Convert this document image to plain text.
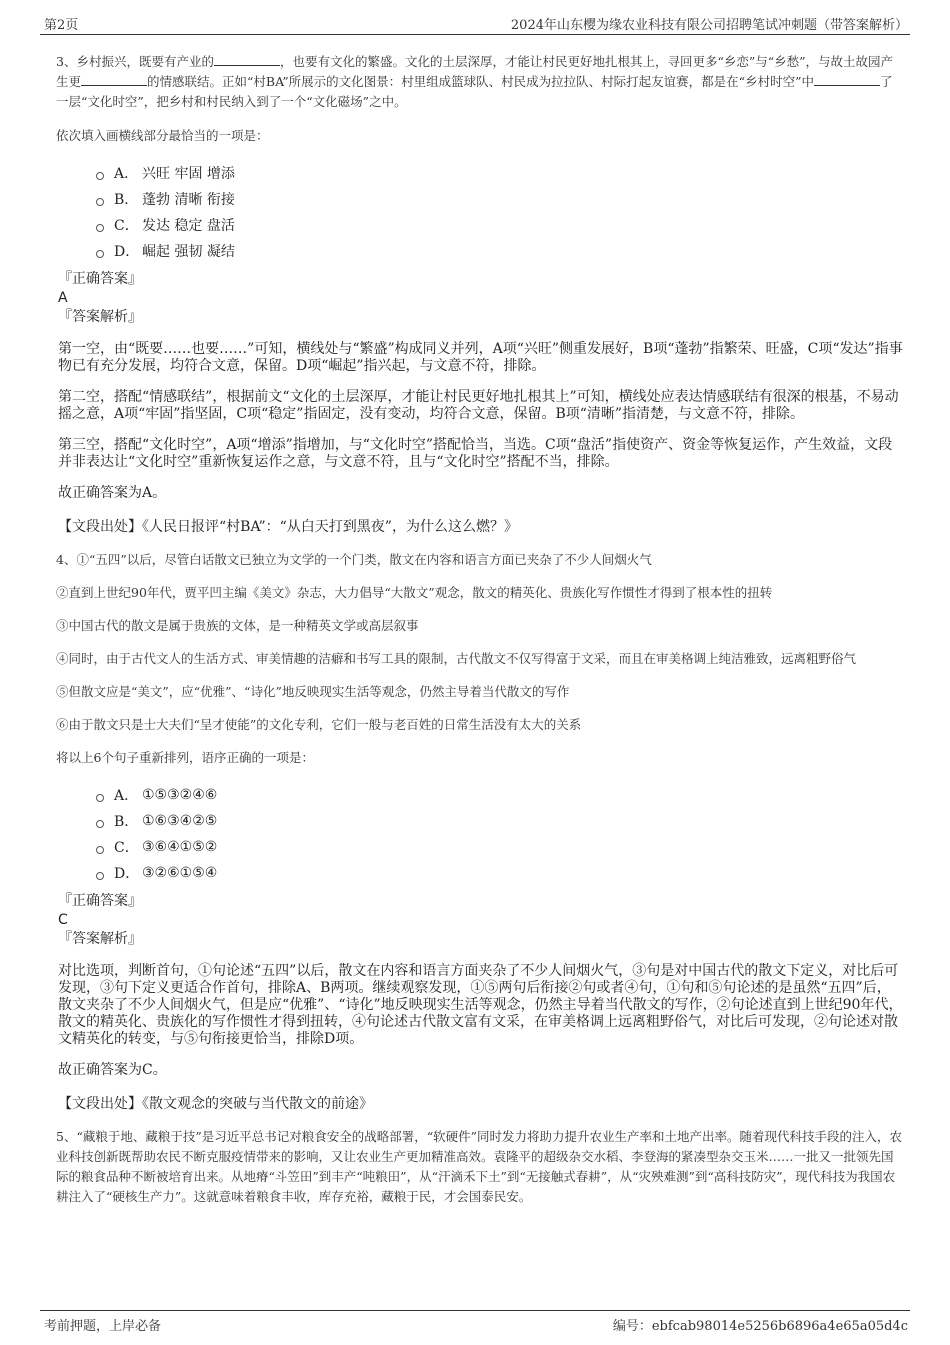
第2页	2024年山东樱为缘农业科技有限公司招聘笔试冲刺题（带答案解析）
3、乡村振兴，既要有产业的	，也要有文化的繁盛。文化的土层深厚，才能让村民更好地扎根其上，寻回更多“乡恋”与“乡愁”，与故土故园产生更	的情感联结。正如“村BA”所展示的文化图景：村里组成篮球队、村民成为拉拉队、村际打起友谊赛，都是在“乡村时空”中	了一层“文化时空”，把乡村和村民纳入到了一个“文化磁场”之中。
依次填入画横线部分最恰当的一项是：
A． 兴旺 牢固 增添
B． 蓬勃 清晰 衔接
C． 发达 稳定 盘活
D． 崛起 强韧 凝结
『正确答案』
A
『答案解析』
第一空，由“既要……也要……”可知，横线处与“繁盛”构成同义并列，A项“兴旺”侧重发展好，B项“蓬勃”指繁荣、旺盛，C项“发达”指事物已有充分发展，均符合文意，保留。D项“崛起”指兴起，与文意不符，排除。
第二空，搭配“情感联结”，根据前文“文化的土层深厚，才能让村民更好地扎根其上”可知，横线处应表达情感联结有很深的根基，不易动摇之意，A项“牢固”指坚固，C项“稳定”指固定，没有变动，均符合文意，保留。B项“清晰”指清楚，与文意不符，排除。
第三空，搭配“文化时空”，A项“增添”指增加，与“文化时空”搭配恰当，当选。C项“盘活”指使资产、资金等恢复运作，产生效益，文段并非表达让“文化时空”重新恢复运作之意，与文意不符，且与“文化时空”搭配不当，排除。
故正确答案为A。
【文段出处】《人民日报评“村BA”：“从白天打到黑夜”，为什么这么燃？》
4、①“五四”以后，尽管白话散文已独立为文学的一个门类，散文在内容和语言方面已夹杂了不少人间烟火气
②直到上世纪90年代，贾平凹主编《美文》杂志，大力倡导“大散文”观念，散文的精英化、贵族化写作惯性才得到了根本性的扭转
③中国古代的散文是属于贵族的文体，是一种精英文学或高层叙事
④同时，由于古代文人的生活方式、审美情趣的洁癖和书写工具的限制，古代散文不仅写得富于文采，而且在审美格调上纯洁雅致，远离粗野俗气
⑤但散文应是“美文”，应“优雅”、“诗化”地反映现实生活等观念，仍然主导着当代散文的写作
⑥由于散文只是士大夫们“呈才使能”的文化专利，它们一般与老百姓的日常生活没有太大的关系
将以上6个句子重新排列，语序正确的一项是：
A． ①⑤③②④⑥
B． ①⑥③④②⑤
C． ③⑥④①⑤②
D． ③②⑥①⑤④
『正确答案』
C
『答案解析』
对比选项，判断首句，①句论述“五四”以后，散文在内容和语言方面夹杂了不少人间烟火气，③句是对中国古代的散文下定义，对比后可发现，③句下定义更适合作首句，排除A、B两项。继续观察发现，①⑤两句后衔接②句或者④句，①句和⑤句论述的是虽然“五四”后，散文夹杂了不少人间烟火气，但是应“优雅”、“诗化”地反映现实生活等观念，仍然主导着当代散文的写作，②句论述直到上世纪90年代，散文的精英化、贵族化的写作惯性才得到扭转，④句论述古代散文富有文采，在审美格调上远离粗野俗气，对比后可发现，②句论述对散文精英化的转变，与⑤句衔接更恰当，排除D项。
故正确答案为C。
【文段出处】《散文观念的突破与当代散文的前途》
5、“藏粮于地、藏粮于技”是习近平总书记对粮食安全的战略部署，“软硬件”同时发力将助力提升农业生产率和土地产出率。随着现代科技手段的注入，农业科技创新既帮助农民不断克服疫情带来的影响，又让农业生产更加精准高效。袁隆平的超级杂交水稻、李登海的紧凑型杂交玉米……一批又一批领先国际的粮食品种不断被培育出来。从地瘠“斗笠田”到丰产“吨粮田”，从“汗滴禾下土”到“无接触式春耕”，从“灾殃难测”到“高科技防灾”，现代科技为我国农耕注入了“硬核生产力”。这就意味着粮食丰收，库存充裕，藏粮于民，才会国泰民安。
考前押题，上岸必备	编号：ebfcab98014e5256b6896a4e65a05d4c
